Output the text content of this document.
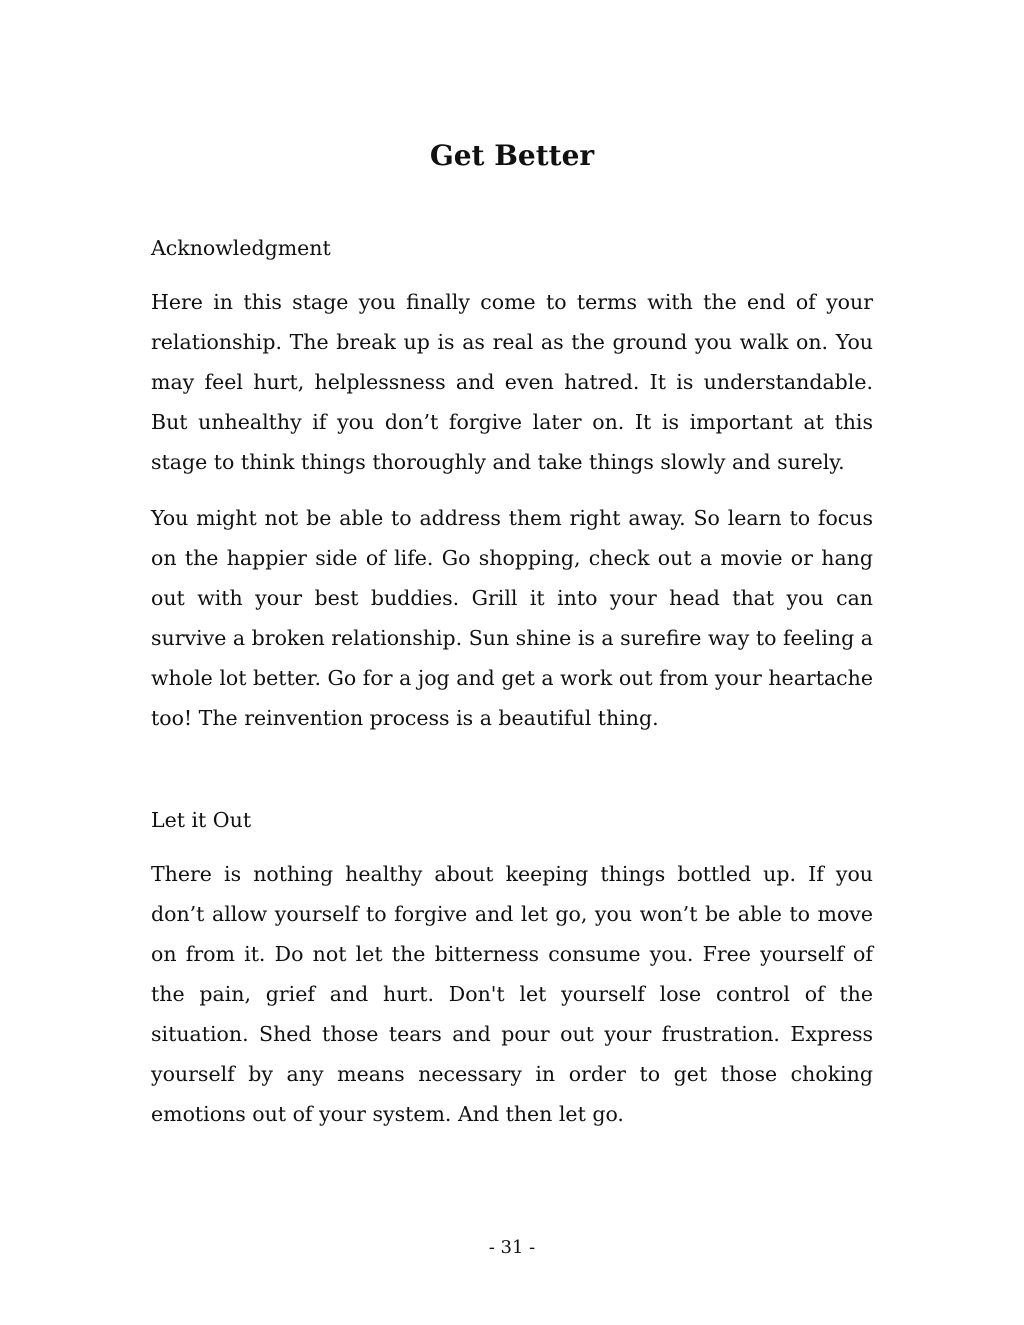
Get Better
Acknowledgment

Here in this stage you finally come to terms with the end of your relationship. The break up is as real as the ground you walk on. You may feel hurt, helplessness and even hatred. It is understandable. But unhealthy if you don’t forgive later on. It is important at this stage to think things thoroughly and take things slowly and surely.

You might not be able to address them right away. So learn to focus on the happier side of life. Go shopping, check out a movie or hang out with your best buddies. Grill it into your head that you can survive a broken relationship. Sun shine is a surefire way to feeling a whole lot better. Go for a jog and get a work out from your heartache too! The reinvention process is a beautiful thing.

Let it Out

There is nothing healthy about keeping things bottled up. If you don’t allow yourself to forgive and let go, you won’t be able to move on from it. Do not let the bitterness consume you. Free yourself of the pain, grief and hurt. Don't let yourself lose control of the situation. Shed those tears and pour out your frustration. Express yourself by any means necessary in order to get those choking emotions out of your system. And then let go.

- 31 -
